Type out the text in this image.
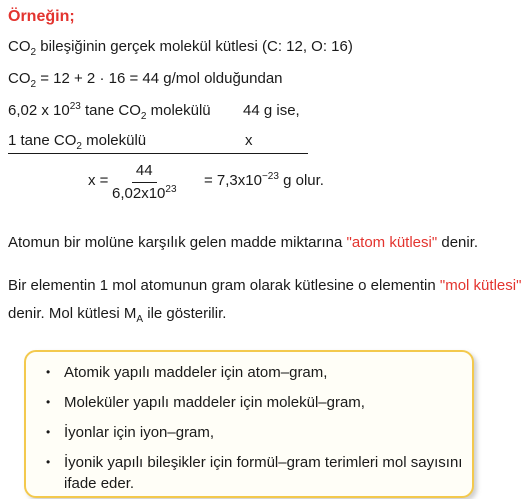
Örneğin;
$CO_2$ bileşiğinin gerçek molekül kütlesi (C: 12, O: 16)
$CO_2 = 12 + 2 \cdot 16 = 44$ g/mol olduğundan
6,02 x $10^{23}$ tane $CO_2$ molekülü 44 g ise,
1 tane $CO_2$ molekülü	x
$x = \frac{44}{6,02x10^{23}} = 7,3x10^{-23}$ g olur.
Atomun bir molüne karşılık gelen madde miktarına "atom kütlesi" denir.
Bir elementin 1 mol atomunun gram olarak kütlesine o elementin "mol kütlesi"
denir. Mol kütlesi $M_A$ ile gösterilir.
• Atomik yapılı maddeler için atom–gram,
• Moleküler yapılı maddeler için molekül–gram,
• İyonlar için iyon–gram,
• İyonik yapılı bileşikler için formül–gram terimleri mol sayısını
ifade eder.
